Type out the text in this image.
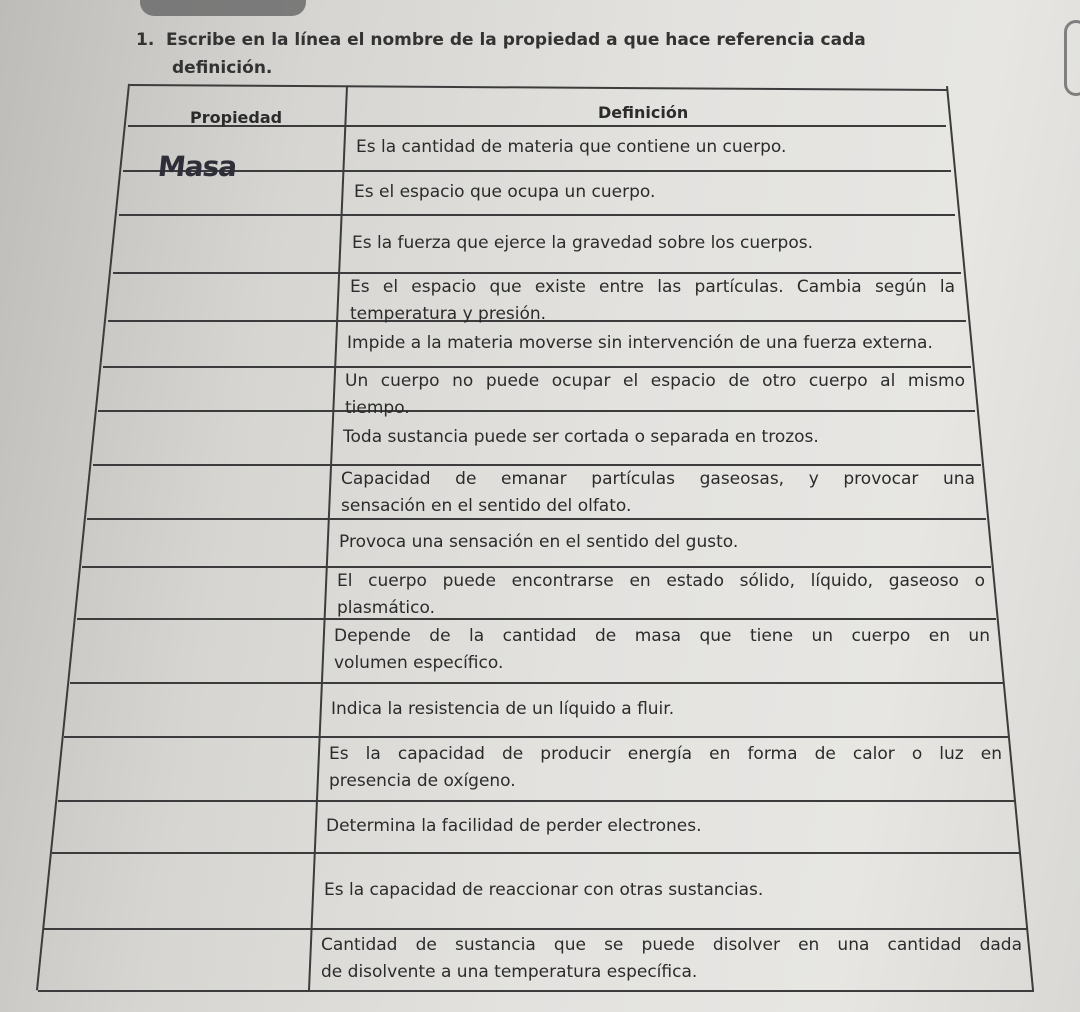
1. Escribe en la línea el nombre de la propiedad a que hace referencia cada
definición.
Es la cantidad de materia que contiene un cuerpo.
Es el espacio que ocupa un cuerpo.
Es la fuerza que ejerce la gravedad sobre los cuerpos.
Es el espacio que existe entre las partículas. Cambia según la
temperatura y presión.
Impide a la materia moverse sin intervención de una fuerza externa.
Un cuerpo no puede ocupar el espacio de otro cuerpo al mismo
tiempo.
Toda sustancia puede ser cortada o separada en trozos.
Capacidad de emanar partículas gaseosas, y provocar una
sensación en el sentido del olfato.
Provoca una sensación en el sentido del gusto.
El cuerpo puede encontrarse en estado sólido, líquido, gaseoso o
plasmático.
Depende de la cantidad de masa que tiene un cuerpo en un
volumen específico.
Indica la resistencia de un líquido a fluir.
Es la capacidad de producir energía en forma de calor o luz en
presencia de oxígeno.
Determina la facilidad de perder electrones.
Es la capacidad de reaccionar con otras sustancias.
Cantidad de sustancia que se puede disolver en una cantidad dada
de disolvente a una temperatura específica.
Propiedad	Definición
Masa
